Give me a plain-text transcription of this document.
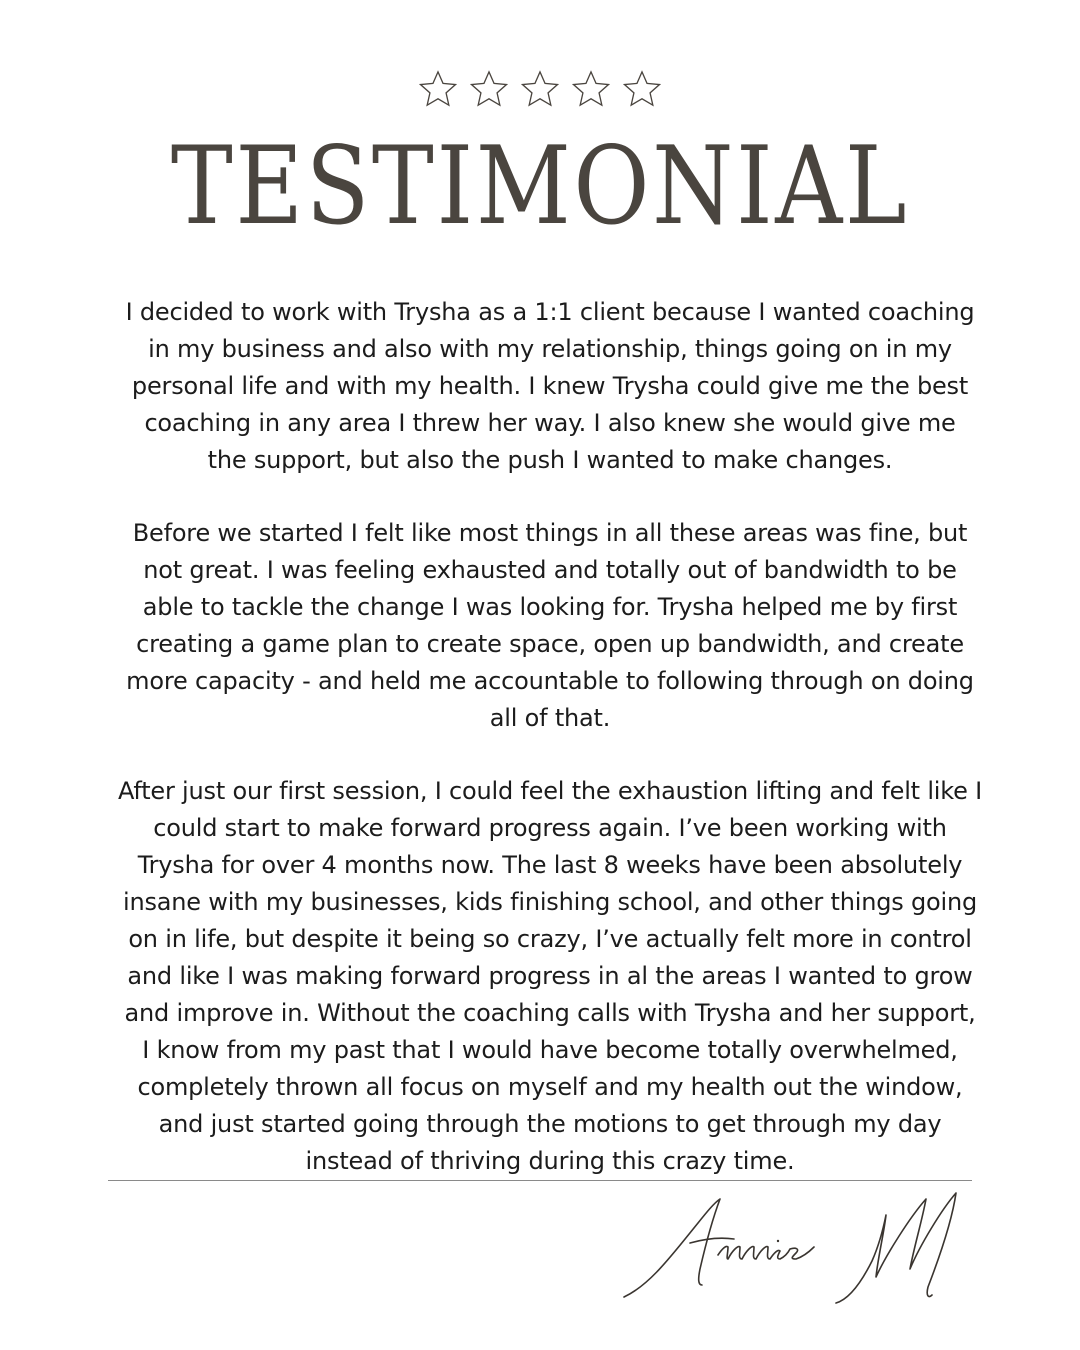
TESTIMONIAL

I decided to work with Trysha as a 1:1 client because I wanted coaching
in my business and also with my relationship, things going on in my
personal life and with my health. I knew Trysha could give me the best
coaching in any area I threw her way. I also knew she would give me
the support, but also the push I wanted to make changes.

Before we started I felt like most things in all these areas was fine, but
not great. I was feeling exhausted and totally out of bandwidth to be
able to tackle the change I was looking for. Trysha helped me by first
creating a game plan to create space, open up bandwidth, and create
more capacity - and held me accountable to following through on doing
all of that.

After just our first session, I could feel the exhaustion lifting and felt like I
could start to make forward progress again. I’ve been working with
Trysha for over 4 months now. The last 8 weeks have been absolutely
insane with my businesses, kids finishing school, and other things going
on in life, but despite it being so crazy, I’ve actually felt more in control
and like I was making forward progress in al the areas I wanted to grow
and improve in. Without the coaching calls with Trysha and her support,
I know from my past that I would have become totally overwhelmed,
completely thrown all focus on myself and my health out the window,
and just started going through the motions to get through my day
instead of thriving during this crazy time.
